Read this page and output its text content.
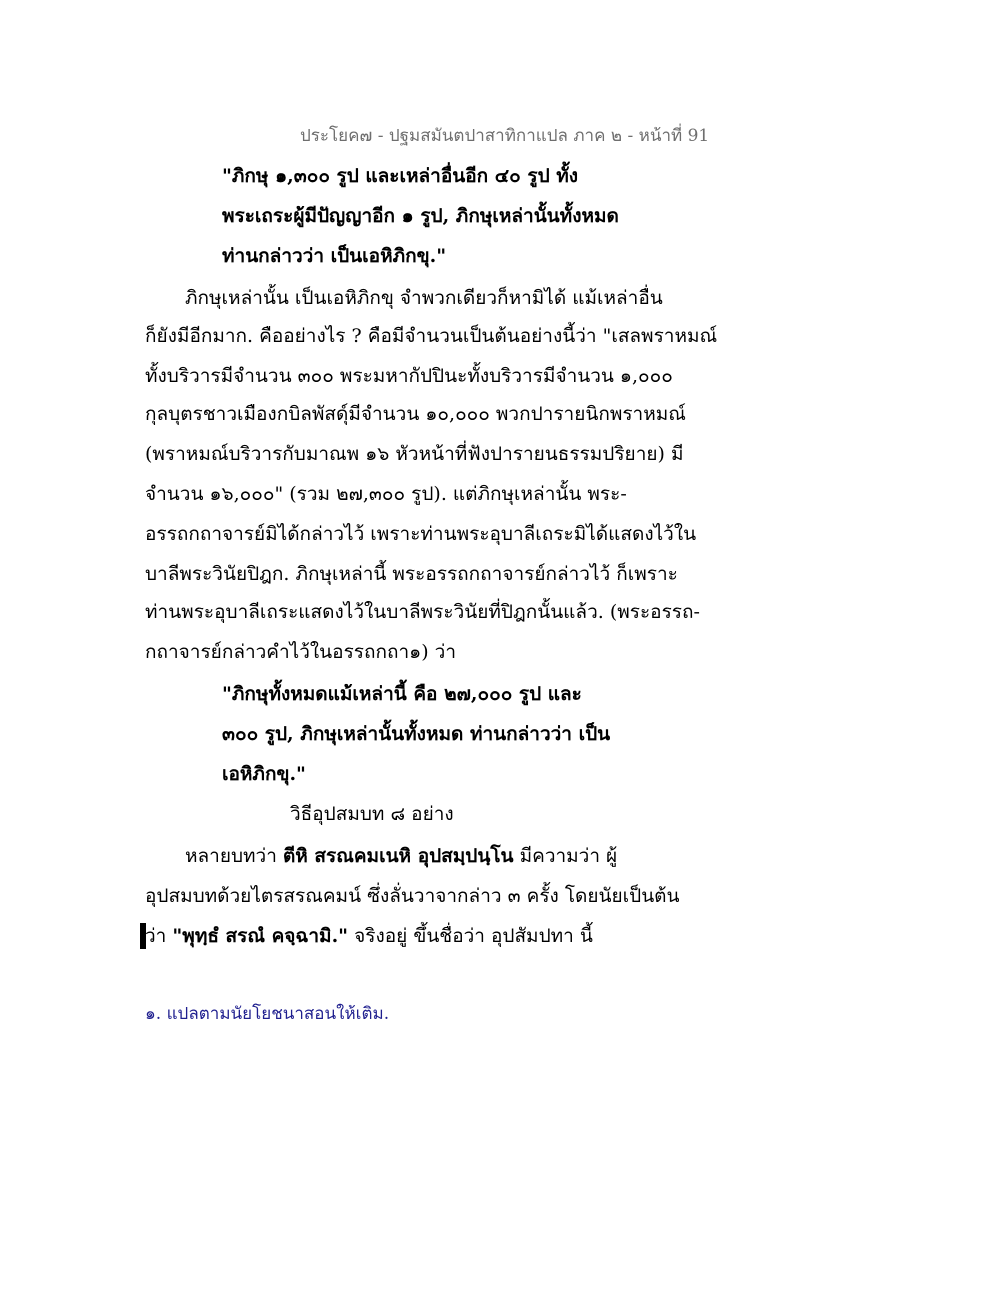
ประโยค๗ - ปฐมสมันตปาสาทิกาแปล ภาค ๒ - หน้าที่ 91
"ภิกษุ ๑,๓๐๐ รูป และเหล่าอื่นอีก ๔๐ รูป ทั้ง
พระเถระผู้มีปัญญาอีก ๑ รูป, ภิกษุเหล่านั้นทั้งหมด
ท่านกล่าวว่า เป็นเอหิภิกขุ."
ภิกษุเหล่านั้น เป็นเอหิภิกขุ จำพวกเดียวก็หามิได้ แม้เหล่าอื่น
ก็ยังมีอีกมาก. คืออย่างไร ? คือมีจำนวนเป็นต้นอย่างนี้ว่า "เสลพราหมณ์
ทั้งบริวารมีจำนวน ๓๐๐ พระมหากัปปินะทั้งบริวารมีจำนวน ๑,๐๐๐
กุลบุตรชาวเมืองกบิลพัสดุ์มีจำนวน ๑๐,๐๐๐ พวกปารายนิกพราหมณ์
(พราหมณ์บริวารกับมาณพ ๑๖ หัวหน้าที่ฟังปารายนธรรมปริยาย) มี
จำนวน ๑๖,๐๐๐" (รวม ๒๗,๓๐๐ รูป). แต่ภิกษุเหล่านั้น พระ-
อรรถกถาจารย์มิได้กล่าวไว้ เพราะท่านพระอุบาลีเถระมิได้แสดงไว้ใน
บาลีพระวินัยปิฎก. ภิกษุเหล่านี้ พระอรรถกถาจารย์กล่าวไว้ ก็เพราะ
ท่านพระอุบาลีเถระแสดงไว้ในบาลีพระวินัยที่ปิฎกนั้นแล้ว. (พระอรรถ-
กถาจารย์กล่าวคำไว้ในอรรถกถา๑) ว่า
"ภิกษุทั้งหมดแม้เหล่านี้ คือ ๒๗,๐๐๐ รูป และ
๓๐๐ รูป, ภิกษุเหล่านั้นทั้งหมด ท่านกล่าวว่า เป็น
เอหิภิกขุ."
วิธีอุปสมบท ๘ อย่าง
หลายบทว่า ตีหิ สรณคมเนหิ อุปสมฺปนฺโน มีความว่า ผู้
อุปสมบทด้วยไตรสรณคมน์ ซึ่งลั่นวาจากล่าว ๓ ครั้ง โดยนัยเป็นต้น
ว่า "พุทฺธํ สรณํ คจฺฉามิ." จริงอยู่ ขึ้นชื่อว่า อุปสัมปทา นี้
๑. แปลตามนัยโยชนาสอนให้เติม.
